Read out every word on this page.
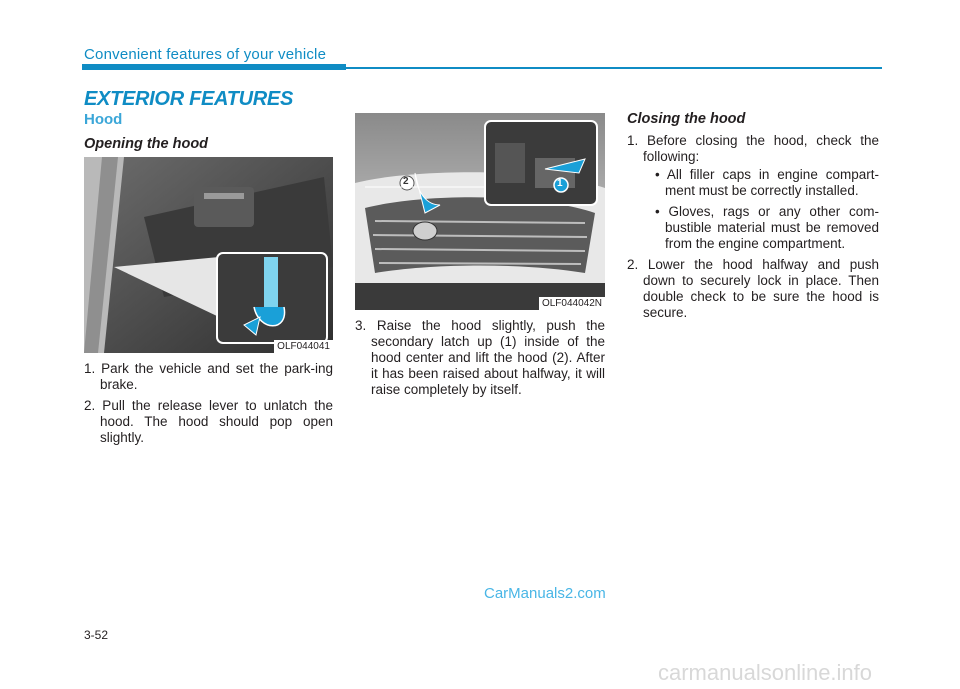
Convenient features of your vehicle
EXTERIOR FEATURES
Hood
Opening the hood
OLF044041
1. Park the vehicle and set the park-ing brake.
2. Pull the release lever to unlatch the hood. The hood should pop open slightly.
1
2
OLF044042N
3. Raise the hood slightly, push the secondary latch up (1) inside of the hood center and lift the hood (2). After it has been raised about halfway, it will raise completely by itself.
Closing the hood
1. Before closing the hood, check the following:
• All filler caps in engine compart-ment must be correctly installed.
• Gloves, rags or any other com-bustible material must be removed from the engine compartment.
2. Lower the hood halfway and push down to securely lock in place. Then double check to be sure the hood is secure.
CarManuals2.com
3-52
carmanualsonline.info
